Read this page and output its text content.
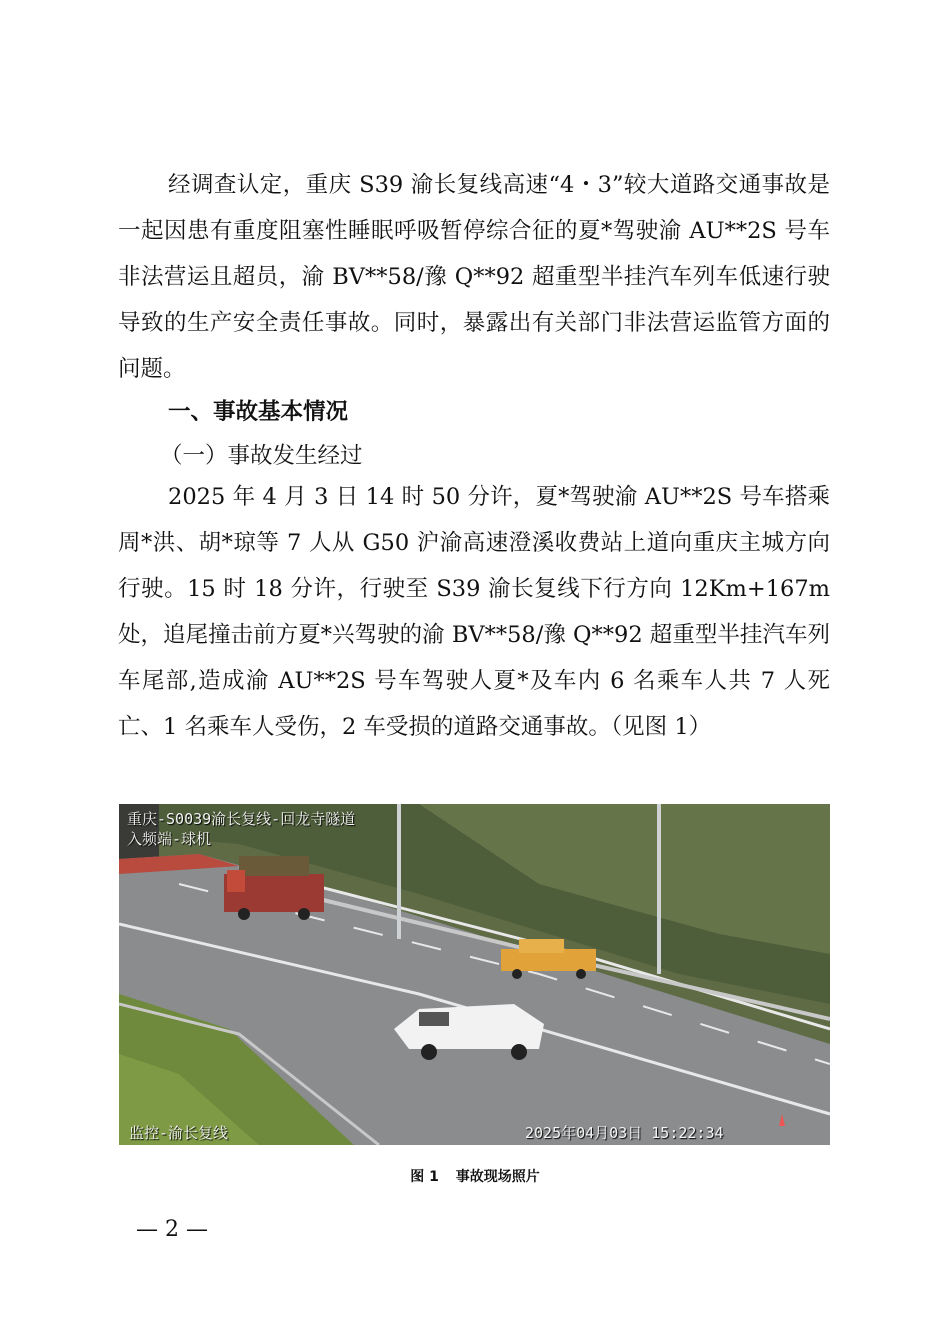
经调查认定，重庆 S39 渝长复线高速“4・3”较大道路交通事故是一起因患有重度阻塞性睡眠呼吸暂停综合征的夏*驾驶渝 AU**2S 号车非法营运且超员，渝 BV**58/豫 Q**92 超重型半挂汽车列车低速行驶导致的生产安全责任事故。同时，暴露出有关部门非法营运监管方面的问题。

一、事故基本情况

（一）事故发生经过

2025 年 4 月 3 日 14 时 50 分许，夏*驾驶渝 AU**2S 号车搭乘周*洪、胡*琼等 7 人从 G50 沪渝高速澄溪收费站上道向重庆主城方向行驶。15 时 18 分许，行驶至 S39 渝长复线下行方向 12Km+167m 处，追尾撞击前方夏*兴驾驶的渝 BV**58/豫 Q**92 超重型半挂汽车列车尾部,造成渝 AU**2S 号车驾驶人夏*及车内 6 名乘车人共 7 人死亡、1 名乘车人受伤，2 车受损的道路交通事故。（见图 1）

重庆-S0039渝长复线-回龙寺隧道
入频端-球机
监控-渝长复线	2025年04月03日 15:22:34
图 1 事故现场照片
— 2 —
